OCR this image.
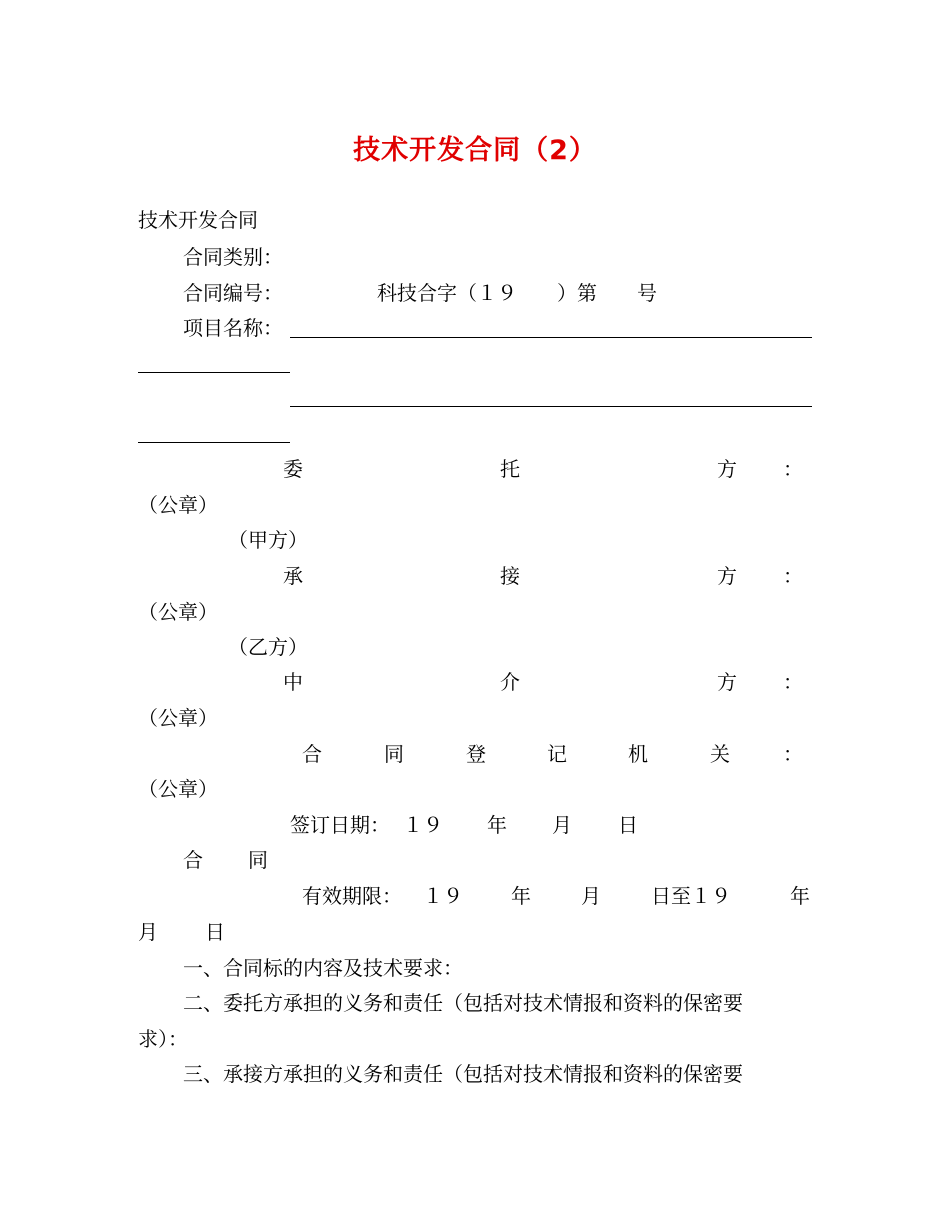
技术开发合同（2）
技术开发合同
合同类别：
合同编号：	科技合字（１９　　）第　　号
项目名称：
委	托	方 ：
（公章）
（甲方）
承	接	方 ：
（公章）
（乙方）
中	介	方 ：
（公章）
合	同	登	记	机	关	：
（公章）
签订日期： １９ 年 月 日
合 同
有效期限： １９ 年	月	日至１９	年
月 日
一、合同标的内容及技术要求：
二、委托方承担的义务和责任（包括对技术情报和资料的保密要
求）：
三、承接方承担的义务和责任（包括对技术情报和资料的保密要
